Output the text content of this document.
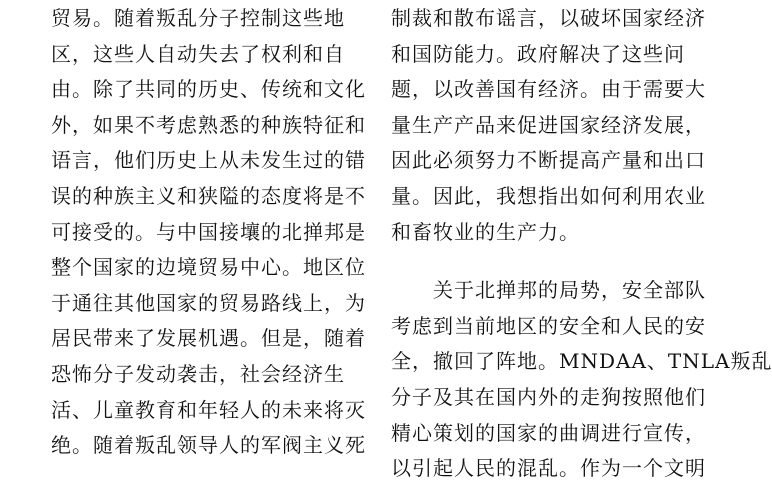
贸易。随着叛乱分子控制这些地
区，这些人自动失去了权利和自
由。除了共同的历史、传统和文化
外，如果不考虑熟悉的种族特征和
语言，他们历史上从未发生过的错
误的种族主义和狭隘的态度将是不
可接受的。与中国接壤的北掸邦是
整个国家的边境贸易中心。地区位
于通往其他国家的贸易路线上，为
居民带来了发展机遇。但是，随着
恐怖分子发动袭击，社会经济生
活、儿童教育和年轻人的未来将灭
绝。随着叛乱领导人的军阀主义死
制裁和散布谣言，以破坏国家经济
和国防能力。政府解决了这些问
题，以改善国有经济。由于需要大
量生产产品来促进国家经济发展，
因此必须努力不断提高产量和出口
量。因此，我想指出如何利用农业
和畜牧业的生产力。
　　关于北掸邦的局势，安全部队
考虑到当前地区的安全和人民的安
全，撤回了阵地。MNDAA、TNLA叛乱
分子及其在国内外的走狗按照他们
精心策划的国家的曲调进行宣传，
以引起人民的混乱。作为一个文明
